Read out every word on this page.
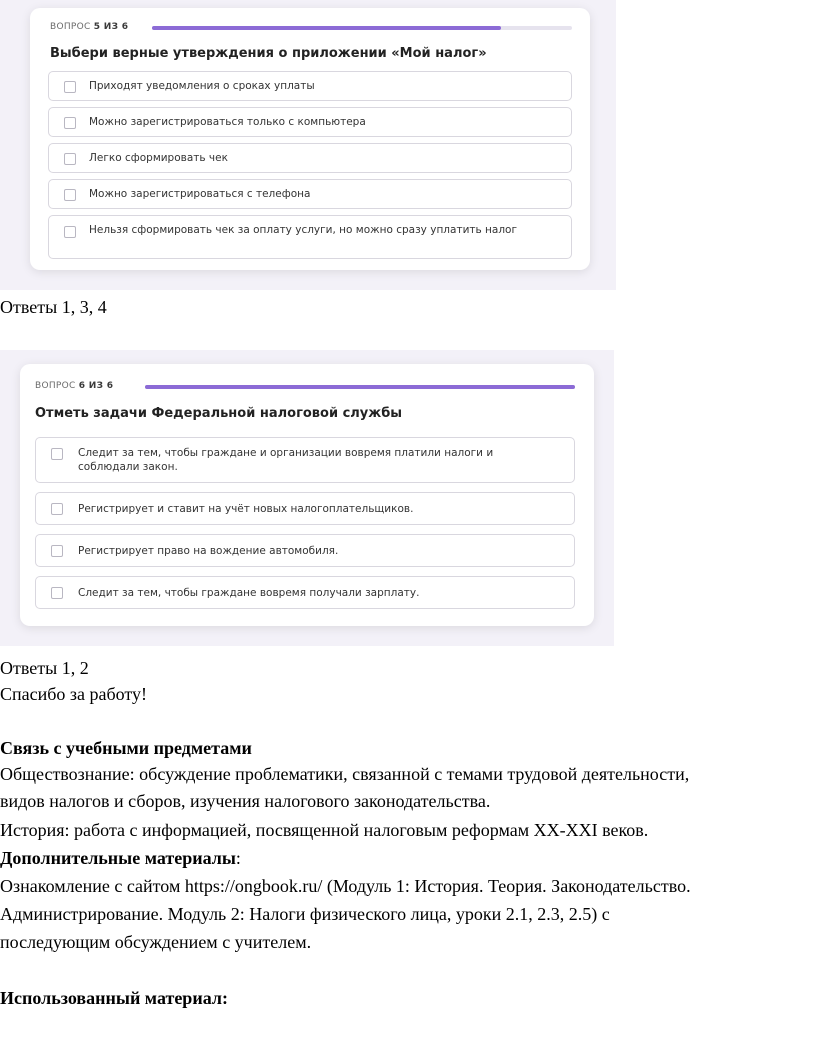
ВОПРОС 5 ИЗ 6
Выбери верные утверждения о приложении «Мой налог»
Приходят уведомления о сроках уплаты
Можно зарегистрироваться только с компьютера
Легко сформировать чек
Можно зарегистрироваться с телефона
Нельзя сформировать чек за оплату услуги, но можно сразу уплатить налог
Ответы 1, 3, 4
ВОПРОС 6 ИЗ 6
Отметь задачи Федеральной налоговой службы
Следит за тем, чтобы граждане и организации вовремя платили налоги и соблюдали закон.
Регистрирует и ставит на учёт новых налогоплательщиков.
Регистрирует право на вождение автомобиля.
Следит за тем, чтобы граждане вовремя получали зарплату.
Ответы 1, 2
Спасибо за работу!
Связь с учебными предметами
Обществознание: обсуждение проблематики, связанной с темами трудовой деятельности,
видов налогов и сборов, изучения налогового законодательства.
История: работа с информацией, посвященной налоговым реформам XX-XXI веков.
Дополнительные материалы:
Ознакомление с сайтом https://ongbook.ru/ (Модуль 1: История. Теория. Законодательство.
Администрирование. Модуль 2: Налоги физического лица, уроки 2.1, 2.3, 2.5) с
последующим обсуждением с учителем.
Использованный материал:
